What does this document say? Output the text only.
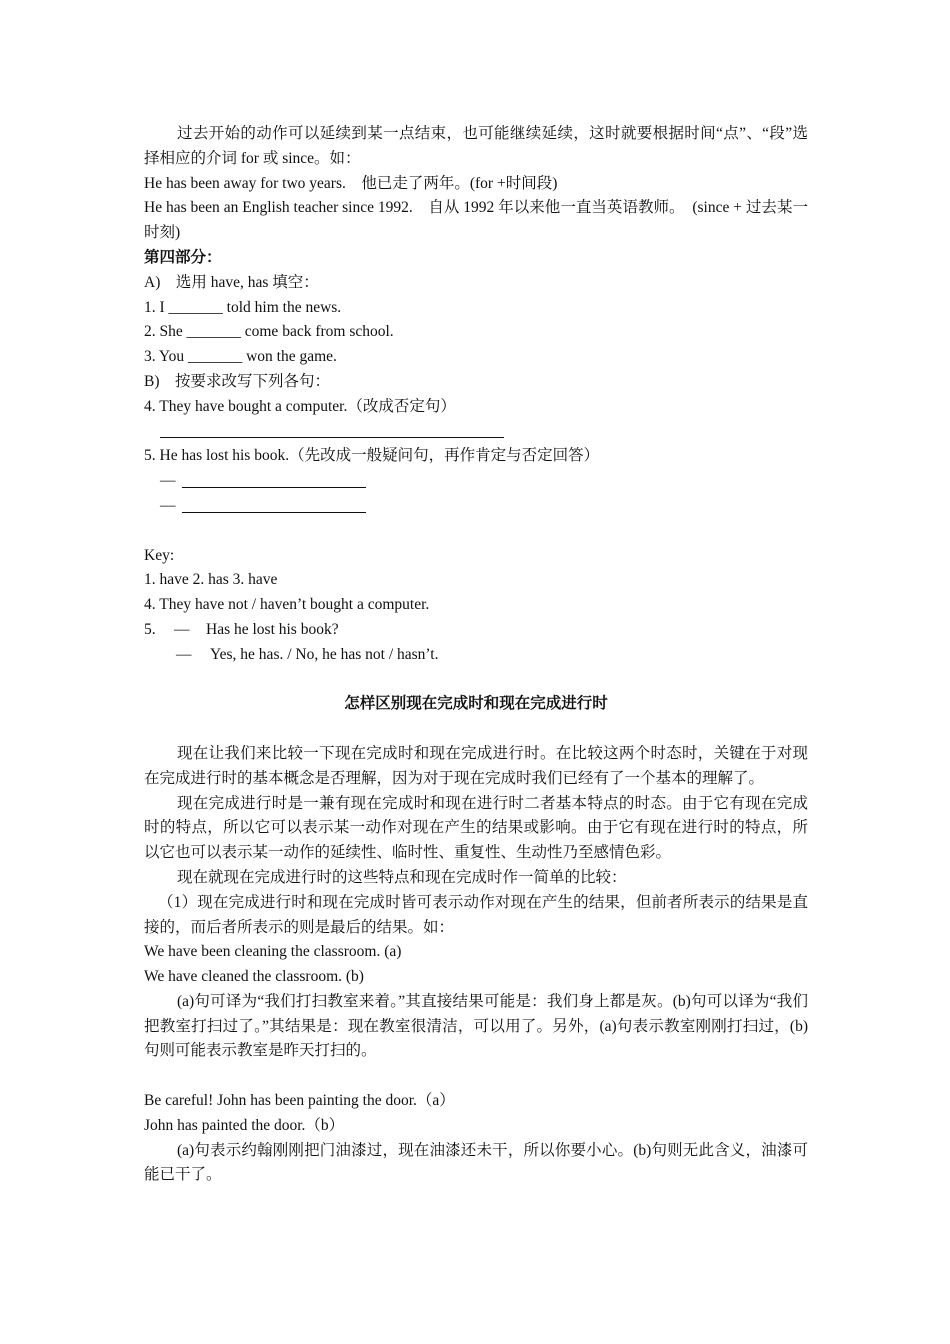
过去开始的动作可以延续到某一点结束，也可能继续延续，这时就要根据时间“点”、“段”选择相应的介词 for 或 since。如：

He has been away for two years.　他已走了两年。(for +时间段)

He has been an English teacher since 1992.　自从 1992 年以来他一直当英语教师。　(since + 过去某一时刻)

第四部分：

A)　选用 have, has 填空：

1. I _______ told him the news.

2. She _______ come back from school.

3. You _______ won the game.

B)　按要求改写下列各句：

4. They have bought a computer.（改成否定句）

5. He has lost his book.（先改成一般疑问句，再作肯定与否定回答）

—
—

Key:

1. have 2. has 3. have

4. They have not / haven’t bought a computer.

5.	—	Has he lost his book?
—	Yes, he has. / No, he has not / hasn’t.

怎样区别现在完成时和现在完成进行时

现在让我们来比较一下现在完成时和现在完成进行时。在比较这两个时态时，关键在于对现在完成进行时的基本概念是否理解，因为对于现在完成时我们已经有了一个基本的理解了。

现在完成进行时是一兼有现在完成时和现在进行时二者基本特点的时态。由于它有现在完成时的特点，所以它可以表示某一动作对现在产生的结果或影响。由于它有现在进行时的特点，所以它也可以表示某一动作的延续性、临时性、重复性、生动性乃至感情色彩。

现在就现在完成进行时的这些特点和现在完成时作一简单的比较：

（1）现在完成进行时和现在完成时皆可表示动作对现在产生的结果，但前者所表示的结果是直接的，而后者所表示的则是最后的结果。如：

We have been cleaning the classroom. (a)

We have cleaned the classroom. (b)

(a)句可译为“我们打扫教室来着。”其直接结果可能是：我们身上都是灰。(b)句可以译为“我们把教室打扫过了。”其结果是：现在教室很清洁，可以用了。另外，(a)句表示教室刚刚打扫过，(b)句则可能表示教室是昨天打扫的。

Be careful! John has been painting the door.（a）

John has painted the door.（b）

(a)句表示约翰刚刚把门油漆过，现在油漆还未干，所以你要小心。(b)句则无此含义，油漆可能已干了。
